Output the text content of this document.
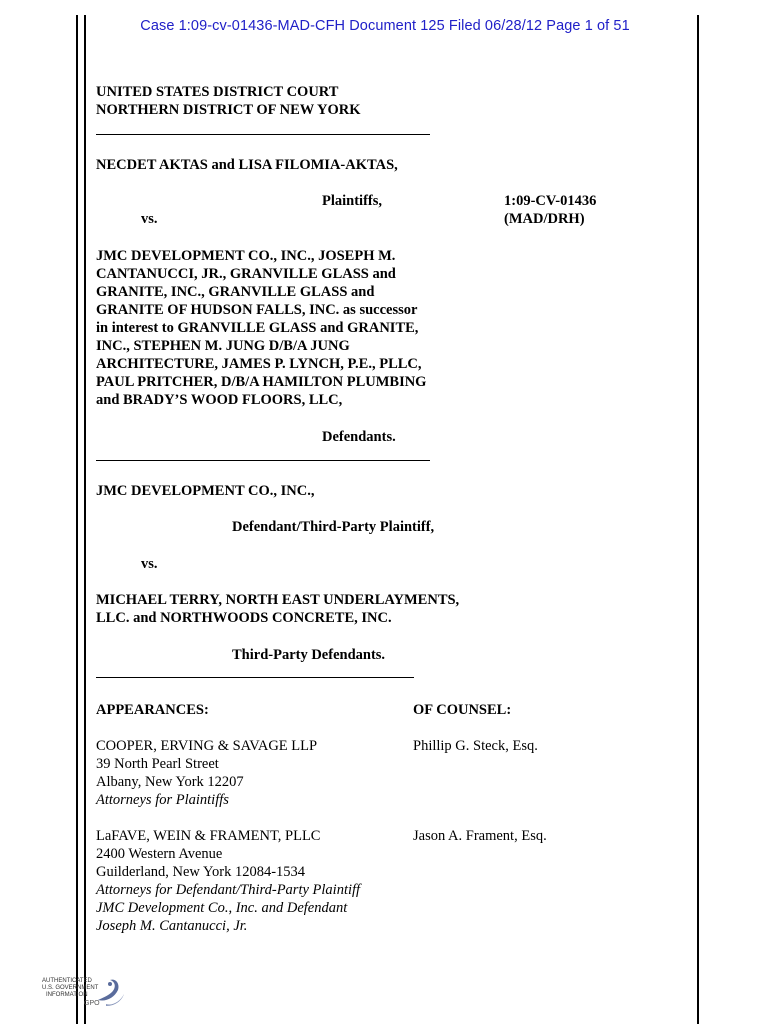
Case 1:09-cv-01436-MAD-CFH Document 125 Filed 06/28/12 Page 1 of 51
UNITED STATES DISTRICT COURT
NORTHERN DISTRICT OF NEW YORK
NECDET AKTAS and LISA FILOMIA-AKTAS,
Plaintiffs,	1:09-CV-01436
(MAD/DRH)
vs.
JMC DEVELOPMENT CO., INC., JOSEPH M.
CANTANUCCI, JR., GRANVILLE GLASS and
GRANITE, INC., GRANVILLE GLASS and
GRANITE OF HUDSON FALLS, INC. as successor
in interest to GRANVILLE GLASS and GRANITE,
INC., STEPHEN M. JUNG D/B/A JUNG
ARCHITECTURE, JAMES P. LYNCH, P.E., PLLC,
PAUL PRITCHER, D/B/A HAMILTON PLUMBING
and BRADY’S WOOD FLOORS, LLC,
Defendants.
JMC DEVELOPMENT CO., INC.,
Defendant/Third-Party Plaintiff,
vs.
MICHAEL TERRY, NORTH EAST UNDERLAYMENTS,
LLC. and NORTHWOODS CONCRETE, INC.
Third-Party Defendants.
APPEARANCES:	OF COUNSEL:
COOPER, ERVING & SAVAGE LLP
39 North Pearl Street
Albany, New York 12207
Attorneys for Plaintiffs
Phillip G. Steck, Esq.
LaFAVE, WEIN & FRAMENT, PLLC
2400 Western Avenue
Guilderland, New York 12084-1534
Attorneys for Defendant/Third-Party Plaintiff
JMC Development Co., Inc. and Defendant
Joseph M. Cantanucci, Jr.
Jason A. Frament, Esq.
AUTHENTICATED
U.S. GOVERNMENT
INFORMATION
GPO
